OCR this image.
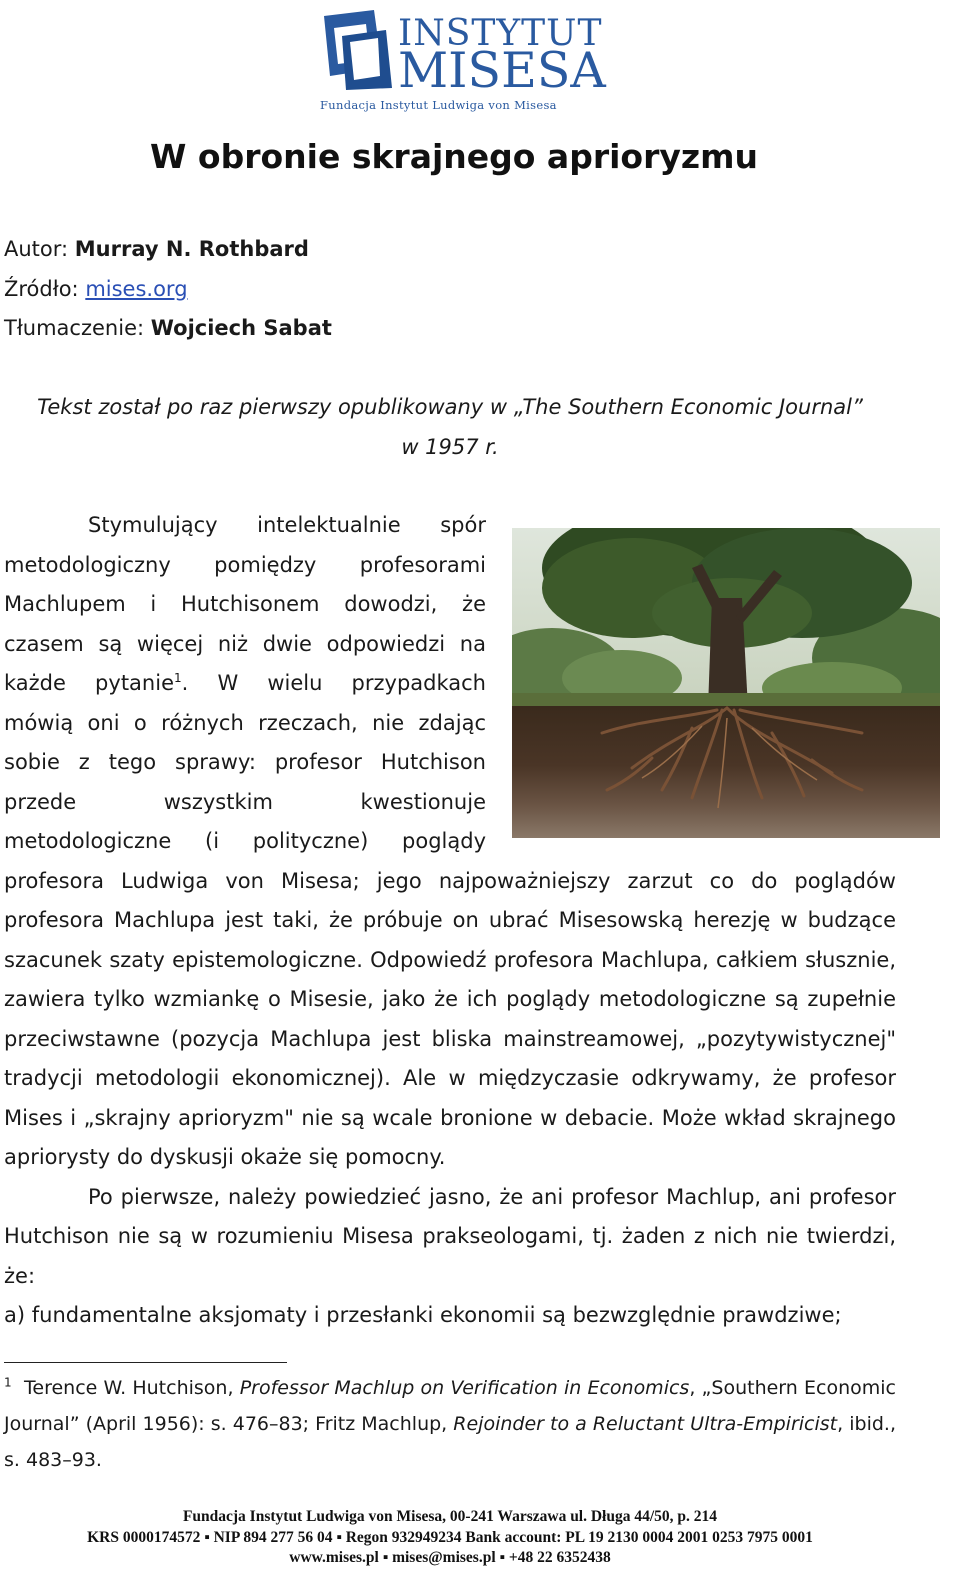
INSTYTUT
MISESA
Fundacja Instytut Ludwiga von Misesa
W obronie skrajnego aprioryzmu
Autor: Murray N. Rothbard
Źródło: mises.org
Tłumaczenie: Wojciech Sabat
Tekst został po raz pierwszy opublikowany w „The Southern Economic Journal”
w 1957 r.
Stymulujący intelektualnie spór
metodologiczny pomiędzy profesorami
Machlupem i Hutchisonem dowodzi, że
czasem są więcej niż dwie odpowiedzi na
każde pytanie$^1$. W wielu przypadkach
mówią oni o różnych rzeczach, nie zdając
sobie z tego sprawy: profesor Hutchison
przede wszystkim kwestionuje
metodologiczne (i polityczne) poglądy

profesora Ludwiga von Misesa; jego najpoważniejszy zarzut co do poglądów profesora Machlupa jest taki, że próbuje on ubrać Misesowską herezję w budzące szacunek szaty epistemologiczne. Odpowiedź profesora Machlupa, całkiem słusznie, zawiera tylko wzmiankę o Misesie, jako że ich poglądy metodologiczne są zupełnie przeciwstawne (pozycja Machlupa jest bliska mainstreamowej, „pozytywistycznej" tradycji metodologii ekonomicznej). Ale w międzyczasie odkrywamy, że profesor Mises i „skrajny aprioryzm" nie są wcale bronione w debacie. Może wkład skrajnego apriorysty do dyskusji okaże się pomocny.

Po pierwsze, należy powiedzieć jasno, że ani profesor Machlup, ani profesor Hutchison nie są w rozumieniu Misesa prakseologami, tj. żaden z nich nie twierdzi, że:

a) fundamentalne aksjomaty i przesłanki ekonomii są bezwzględnie prawdziwe;

$^1$ Terence W. Hutchison, Professor Machlup on Verification in Economics, „Southern Economic Journal” (April 1956): s. 476–83; Fritz Machlup, Rejoinder to a Reluctant Ultra-Empiricist, ibid., s. 483–93.
Fundacja Instytut Ludwiga von Misesa, 00-241 Warszawa ul. Długa 44/50, p. 214
KRS 0000174572 ▪ NIP 894 277 56 04 ▪ Regon 932949234 Bank account: PL 19 2130 0004 2001 0253 7975 0001
www.mises.pl ▪ mises@mises.pl ▪ +48 22 6352438
